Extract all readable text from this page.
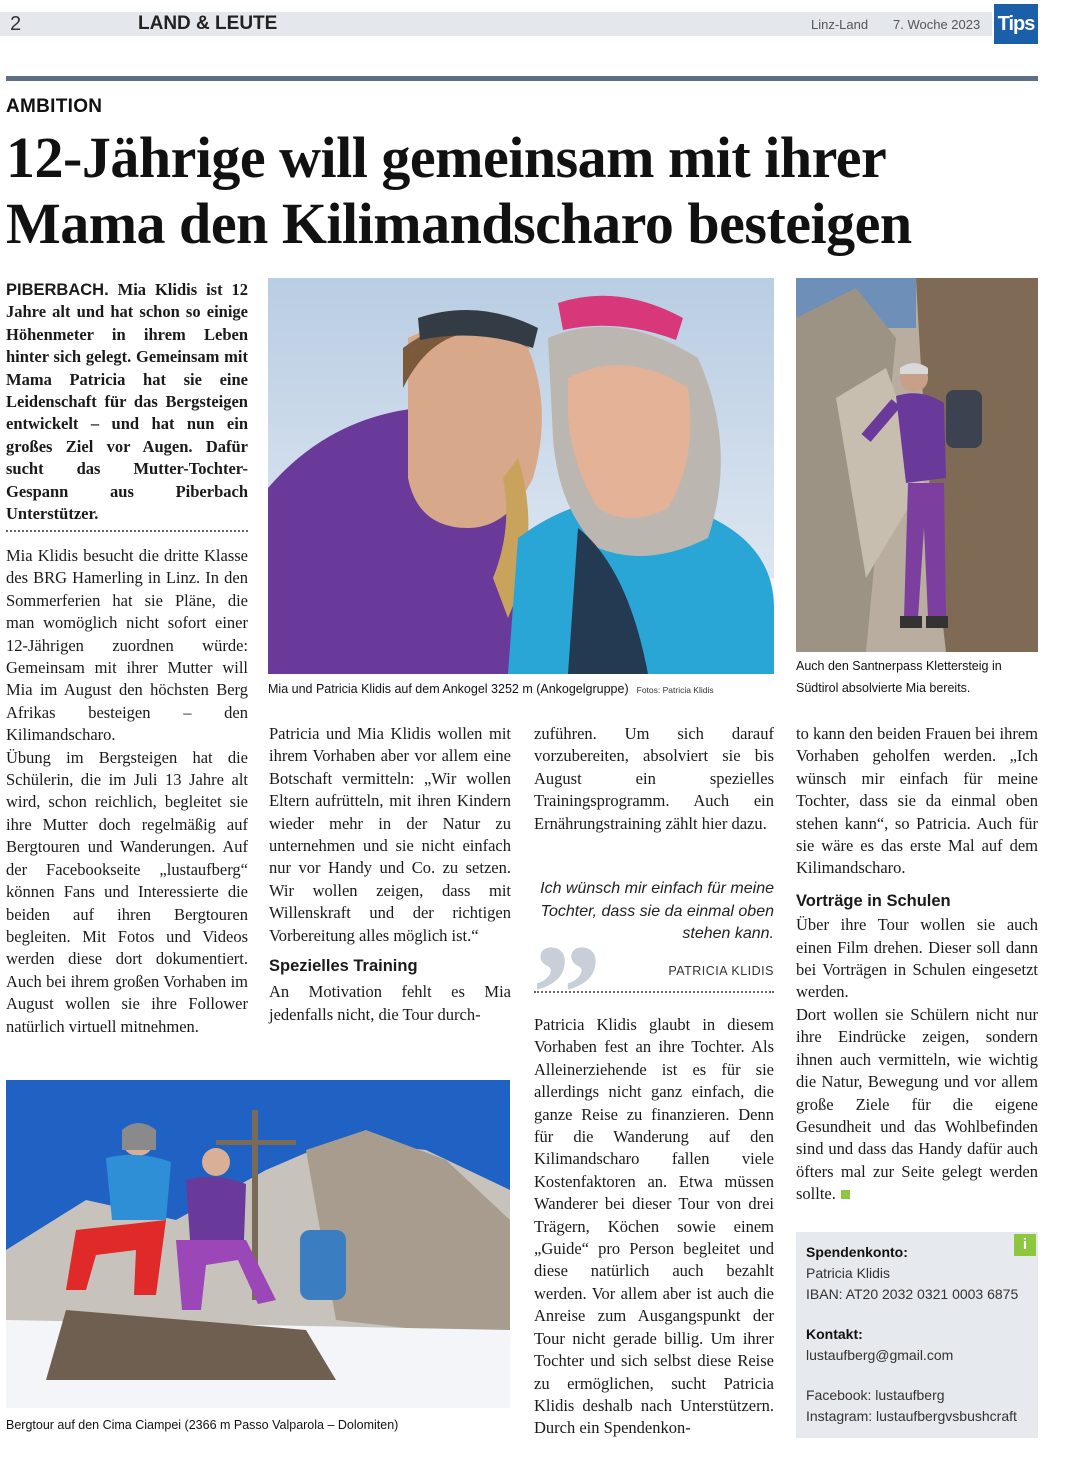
2	LAND & LEUTE	Linz-Land 7. Woche 2023 Tips
AMBITION
12-Jährige will gemeinsam mit ihrer
Mama den Kilimandscharo besteigen

PIBERBACH. Mia Klidis ist 12 Jahre alt und hat schon so einige Höhenmeter in ihrem Leben hinter sich gelegt. Gemeinsam mit Mama Patricia hat sie eine Leidenschaft für das Bergsteigen entwickelt – und hat nun ein großes Ziel vor Augen. Dafür sucht das Mutter-Tochter-Gespann aus Piberbach Unterstützer.

Mia Klidis besucht die dritte Klasse des BRG Hamerling in Linz. In den Sommerferien hat sie Pläne, die man womöglich nicht sofort einer 12-Jährigen zuordnen würde: Gemeinsam mit ihrer Mutter will Mia im August den höchsten Berg Afrikas besteigen – den Kilimandscharo.

Übung im Bergsteigen hat die Schülerin, die im Juli 13 Jahre alt wird, schon reichlich, begleitet sie ihre Mutter doch regelmäßig auf Bergtouren und Wanderungen. Auf der Facebookseite „lustaufberg“ können Fans und Interessierte die beiden auf ihren Bergtouren begleiten. Mit Fotos und Videos werden diese dort dokumentiert. Auch bei ihrem großen Vorhaben im August wollen sie ihre Follower natürlich virtuell mitnehmen.

Mia und Patricia Klidis auf dem Ankogel 3252 m (Ankogelgruppe) Fotos: Patricia Klidis
Auch den Santnerpass Klettersteig in
Südtirol absolvierte Mia bereits.

Patricia und Mia Klidis wollen mit ihrem Vorhaben aber vor allem eine Botschaft vermitteln: „Wir wollen Eltern aufrütteln, mit ihren Kindern wieder mehr in der Natur zu unternehmen und sie nicht einfach nur vor Handy und Co. zu setzen. Wir wollen zeigen, dass mit Willenskraft und der richtigen Vorbereitung alles möglich ist.“

Spezielles Training

An Motivation fehlt es Mia jedenfalls nicht, die Tour durch-

zuführen. Um sich darauf vorzubereiten, absolviert sie bis August ein spezielles Trainingsprogramm. Auch ein Ernährungstraining zählt hier dazu.

„
Ich wünsch mir einfach für meine Tochter, dass sie da einmal oben stehen kann.
PATRICIA KLIDIS

Patricia Klidis glaubt in diesem Vorhaben fest an ihre Tochter. Als Alleinerziehende ist es für sie allerdings nicht ganz einfach, die ganze Reise zu finanzieren. Denn für die Wanderung auf den Kilimandscharo fallen viele Kostenfaktoren an. Etwa müssen Wanderer bei dieser Tour von drei Trägern, Köchen sowie einem „Guide“ pro Person begleitet und diese natürlich auch bezahlt werden. Vor allem aber ist auch die Anreise zum Ausgangspunkt der Tour nicht gerade billig. Um ihrer Tochter und sich selbst diese Reise zu ermöglichen, sucht Patricia Klidis deshalb nach Unterstützern. Durch ein Spendenkon-

to kann den beiden Frauen bei ihrem Vorhaben geholfen werden. „Ich wünsch mir einfach für meine Tochter, dass sie da einmal oben stehen kann“, so Patricia. Auch für sie wäre es das erste Mal auf dem Kilimandscharo.

Vorträge in Schulen

Über ihre Tour wollen sie auch einen Film drehen. Dieser soll dann bei Vorträgen in Schulen eingesetzt werden.

Dort wollen sie Schülern nicht nur ihre Eindrücke zeigen, sondern ihnen auch vermitteln, wie wichtig die Natur, Bewegung und vor allem große Ziele für die eigene Gesundheit und das Wohlbefinden sind und dass das Handy dafür auch öfters mal zur Seite gelegt werden sollte.

Bergtour auf den Cima Ciampei (2366 m Passo Valparola – Dolomiten)
i
Spendenkonto:
Patricia Klidis
IBAN: AT20 2032 0321 0003 6875
Kontakt:
lustaufberg@gmail.com
Facebook: lustaufberg
Instagram: lustaufbergvsbushcraft
